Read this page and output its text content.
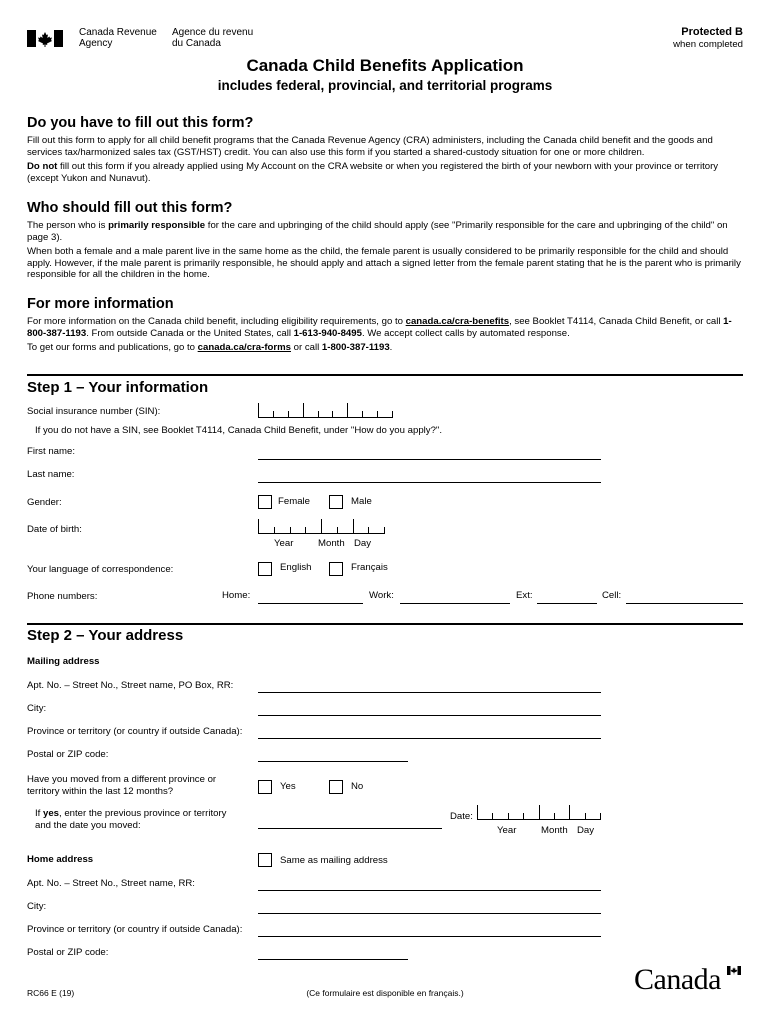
Canada Revenue
Agency
Agence du revenu
du Canada
Protected B
when completed
Canada Child Benefits Application
includes federal, provincial, and territorial programs
Do you have to fill out this form?

Fill out this form to apply for all child benefit programs that the Canada Revenue Agency (CRA) administers, including the Canada child benefit and the goods and services tax/harmonized sales tax (GST/HST) credit. You can also use this form if you started a shared-custody situation for one or more children.

Do not fill out this form if you already applied using My Account on the CRA website or when you registered the birth of your newborn with your province or territory (except Yukon and Nunavut).

Who should fill out this form?

The person who is primarily responsible for the care and upbringing of the child should apply (see "Primarily responsible for the care and upbringing of the child" on page 3).

When both a female and a male parent live in the same home as the child, the female parent is usually considered to be primarily responsible for the child and should apply. However, if the male parent is primarily responsible, he should apply and attach a signed letter from the female parent stating that he is the parent who is primarily responsible for all the children in the home.

For more information

For more information on the Canada child benefit, including eligibility requirements, go to canada.ca/cra-benefits, see Booklet T4114, Canada Child Benefit, or call 1-800-387-1193. From outside Canada or the United States, call 1-613-940-8495. We accept collect calls by automated response.

To get our forms and publications, go to canada.ca/cra-forms or call 1-800-387-1193.

Step 1 – Your information
Social insurance number (SIN):
If you do not have a SIN, see Booklet T4114, Canada Child Benefit, under "How do you apply?".
First name:
Last name:
Gender:	Female	Male
Date of birth:
Year	Month Day
Your language of correspondence:	English	Français
Phone numbers:	Home:	Work:	Ext:	Cell:
Step 2 – Your address
Mailing address
Apt. No. – Street No., Street name, PO Box, RR:
City:
Province or territory (or country if outside Canada):
Postal or ZIP code:
Have you moved from a different province or
territory within the last 12 months?	Yes	No
If yes, enter the previous province or territory
and the date you moved:
Date:
Year	Month Day
Home address	Same as mailing address
Apt. No. – Street No., Street name, RR:
City:
Province or territory (or country if outside Canada):
Postal or ZIP code:
RC66 E (19)	(Ce formulaire est disponible en français.)	Canada
